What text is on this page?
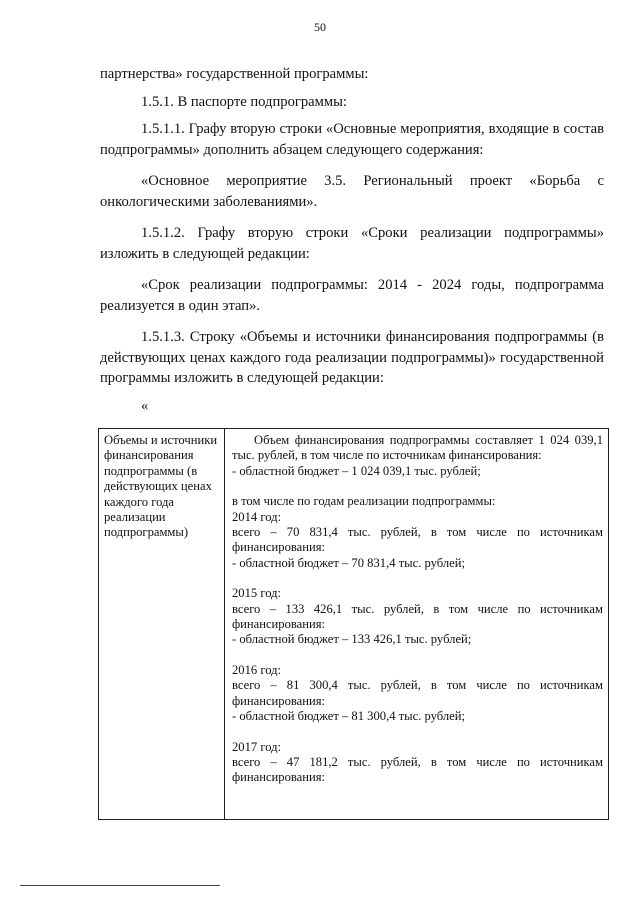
50

партнерства» государственной программы:

1.5.1. В паспорте подпрограммы:

1.5.1.1. Графу вторую строки «Основные мероприятия, входящие в состав подпрограммы» дополнить абзацем следующего содержания:

«Основное мероприятие 3.5. Региональный проект «Борьба с онкологическими заболеваниями».

1.5.1.2. Графу вторую строки «Сроки реализации подпрограммы» изложить в следующей редакции:

«Срок реализации подпрограммы: 2014 - 2024 годы, подпрограмма реализуется в один этап».

1.5.1.3. Строку «Объемы и источники финансирования подпрограммы (в действующих ценах каждого года реализации подпрограммы)» государственной программы изложить в следующей редакции:

«

Объемы и источники финансирования подпрограммы (в действующих ценах каждого года реализации подпрограммы)

Объем финансирования подпрограммы составляет 1 024 039,1 тыс. рублей, в том числе по источникам финансирования:

- областной бюджет – 1 024 039,1 тыс. рублей;

в том числе по годам реализации подпрограммы:

2014 год:

всего – 70 831,4 тыс. рублей, в том числе по источникам финансирования:

- областной бюджет – 70 831,4 тыс. рублей;

2015 год:

всего – 133 426,1 тыс. рублей, в том числе по источникам финансирования:

- областной бюджет – 133 426,1 тыс. рублей;

2016 год:

всего – 81 300,4 тыс. рублей, в том числе по источникам финансирования:

- областной бюджет – 81 300,4 тыс. рублей;

2017 год:

всего – 47 181,2 тыс. рублей, в том числе по источникам финансирования:
